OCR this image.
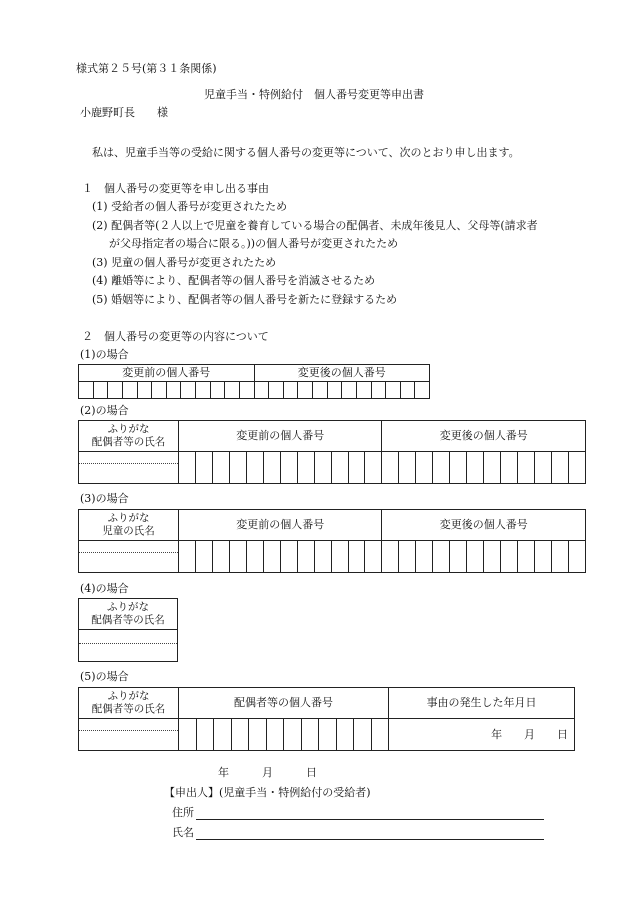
様式第２５号(第３１条関係)
児童手当・特例給付　個人番号変更等申出書
小鹿野町長　　様
私は、児童手当等の受給に関する個人番号の変更等について、次のとおり申し出ます。
１　個人番号の変更等を申し出る事由
(1) 受給者の個人番号が変更されたため
(2) 配偶者等(２人以上で児童を養育している場合の配偶者、未成年後見人、父母等(請求者
が父母指定者の場合に限る。))の個人番号が変更されたため
(3) 児童の個人番号が変更されたため
(4) 離婚等により、配偶者等の個人番号を消滅させるため
(5) 婚姻等により、配偶者等の個人番号を新たに登録するため
２　個人番号の変更等の内容について
(1)の場合
変更前の個人番号												変更後の個人番号											

(2)の場合
ふりがな
配偶者等の氏名	変更前の個人番号												変更後の個人番号											

(3)の場合
ふりがな
児童の氏名	変更前の個人番号												変更後の個人番号											

(4)の場合
ふりがな
配偶者等の氏名

(5)の場合
ふりがな
配偶者等の氏名	配偶者等の個人番号												事由の発生した年月日
													年　　月　　日

年　　　月　　　日
【申出人】(児童手当・特例給付の受給者)
住所
氏名
